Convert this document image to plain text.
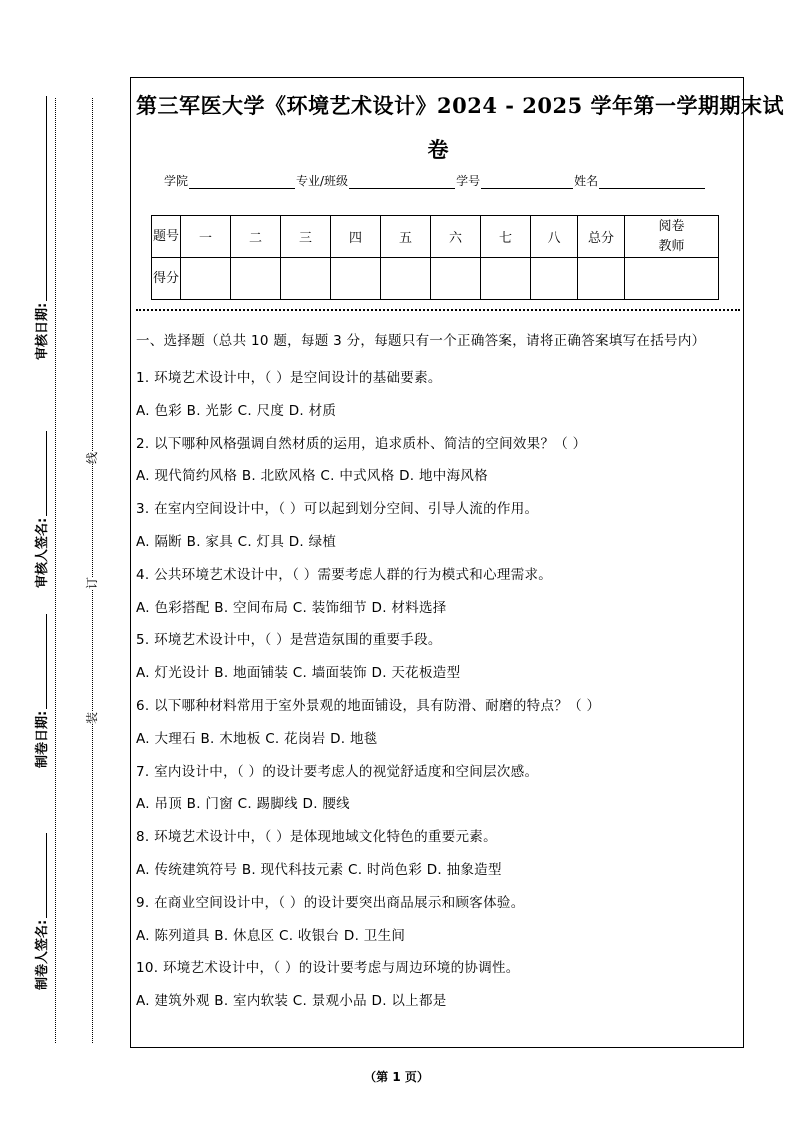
审核日期:
审核人签名:
制卷日期:
制卷人签名:
线
订
装
第三军医大学《环境艺术设计》2024 - 2025 学年第一学期期末试
卷
学院	专业/班级	学号	姓名
题号	一	二	三	四	五	六	七	八	总分	阅卷教师
得分										
一、选择题（总共 10 题，每题 3 分，每题只有一个正确答案，请将正确答案填写在括号内）
1. 环境艺术设计中，（ ）是空间设计的基础要素。
A. 色彩 B. 光影 C. 尺度 D. 材质
2. 以下哪种风格强调自然材质的运用，追求质朴、简洁的空间效果？（ ）
A. 现代简约风格 B. 北欧风格 C. 中式风格 D. 地中海风格
3. 在室内空间设计中，（ ）可以起到划分空间、引导人流的作用。
A. 隔断 B. 家具 C. 灯具 D. 绿植
4. 公共环境艺术设计中，（ ）需要考虑人群的行为模式和心理需求。
A. 色彩搭配 B. 空间布局 C. 装饰细节 D. 材料选择
5. 环境艺术设计中，（ ）是营造氛围的重要手段。
A. 灯光设计 B. 地面铺装 C. 墙面装饰 D. 天花板造型
6. 以下哪种材料常用于室外景观的地面铺设，具有防滑、耐磨的特点？（ ）
A. 大理石 B. 木地板 C. 花岗岩 D. 地毯
7. 室内设计中，（ ）的设计要考虑人的视觉舒适度和空间层次感。
A. 吊顶 B. 门窗 C. 踢脚线 D. 腰线
8. 环境艺术设计中，（ ）是体现地域文化特色的重要元素。
A. 传统建筑符号 B. 现代科技元素 C. 时尚色彩 D. 抽象造型
9. 在商业空间设计中，（ ）的设计要突出商品展示和顾客体验。
A. 陈列道具 B. 休息区 C. 收银台 D. 卫生间
10. 环境艺术设计中，（ ）的设计要考虑与周边环境的协调性。
A. 建筑外观 B. 室内软装 C. 景观小品 D. 以上都是
（第 1 页）
